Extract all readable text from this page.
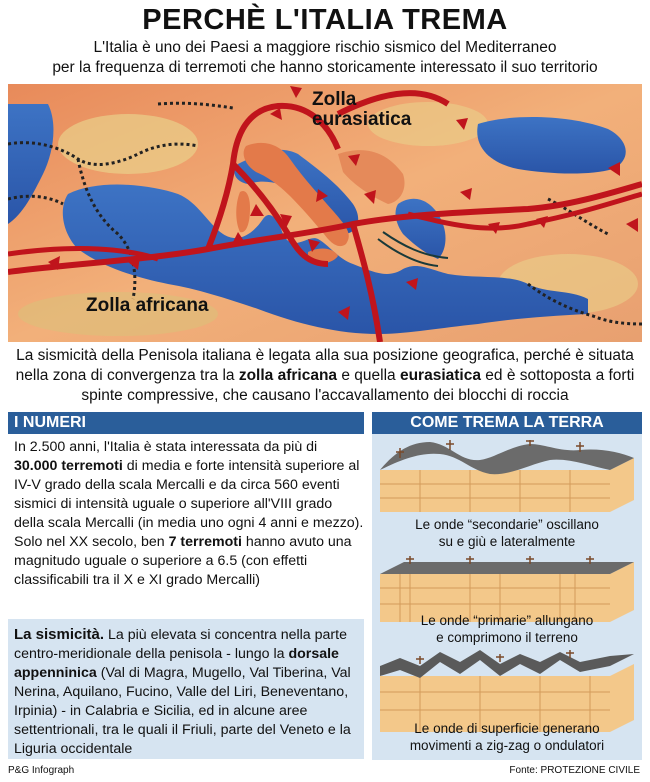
PERCHÈ L'ITALIA TREMA
L'Italia è uno dei Paesi a maggiore rischio sismico del Mediterraneo
per la frequenza di terremoti che hanno storicamente interessato il suo territorio
Zolla
eurasiatica
Zolla africana
La sismicità della Penisola italiana è legata alla sua posizione geografica, perché è situata nella zona di convergenza tra la zolla africana e quella eurasiatica ed è sottoposta a forti spinte compressive, che causano l'accavallamento dei blocchi di roccia
I NUMERI
In 2.500 anni, l'Italia è stata interessata da più di 30.000 terremoti di media e forte intensità superiore al IV-V grado della scala Mercalli e da circa 560 eventi sismici di intensità uguale o superiore all'VIII grado della scala Mercalli (in media uno ogni 4 anni e mezzo). Solo nel XX secolo, ben 7 terremoti hanno avuto una magnitudo uguale o superiore a 6.5 (con effetti classificabili tra il X e XI grado Mercalli)
La sismicità. La più elevata si concentra nella parte centro-meridionale della penisola - lungo la dorsale appenninica (Val di Magra, Mugello, Val Tiberina, Val Nerina, Aquilano, Fucino, Valle del Liri, Beneventano, Irpinia) - in Calabria e Sicilia, ed in alcune aree settentrionali, tra le quali il Friuli, parte del Veneto e la Liguria occidentale
COME TREMA LA TERRA
Le onde “secondarie” oscillano
su e giù e lateralmente
Le onde “primarie” allungano
e comprimono il terreno
Le onde di superficie generano
movimenti a zig-zag o ondulatori
P&G Infograph	Fonte: PROTEZIONE CIVILE
